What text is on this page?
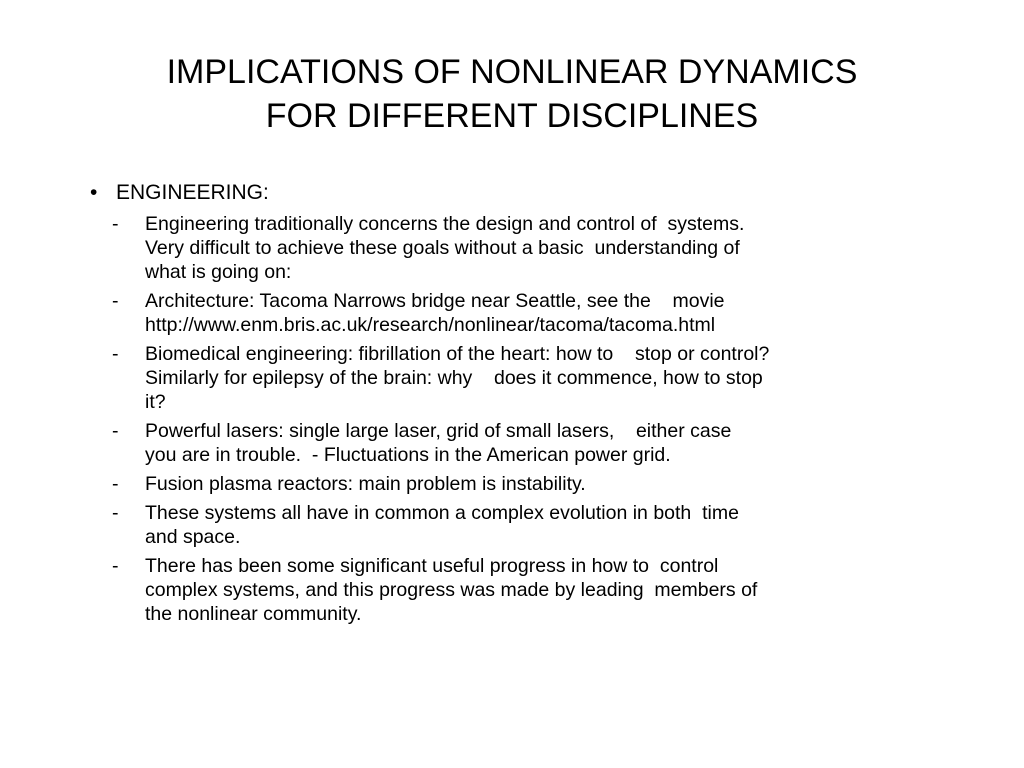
IMPLICATIONS OF NONLINEAR DYNAMICS
FOR DIFFERENT DISCIPLINES
• ENGINEERING:
- Engineering traditionally concerns the design and control of  systems.
Very difficult to achieve these goals without a basic  understanding of
what is going on:
- Architecture: Tacoma Narrows bridge near Seattle, see the    movie
http://www.enm.bris.ac.uk/research/nonlinear/tacoma/tacoma.html
- Biomedical engineering: fibrillation of the heart: how to    stop or control?
Similarly for epilepsy of the brain: why    does it commence, how to stop
it?
- Powerful lasers: single large laser, grid of small lasers,    either case
you are in trouble.  - Fluctuations in the American power grid.
- Fusion plasma reactors: main problem is instability.
- These systems all have in common a complex evolution in both  time
and space.
- There has been some significant useful progress in how to  control
complex systems, and this progress was made by leading  members of
the nonlinear community.
